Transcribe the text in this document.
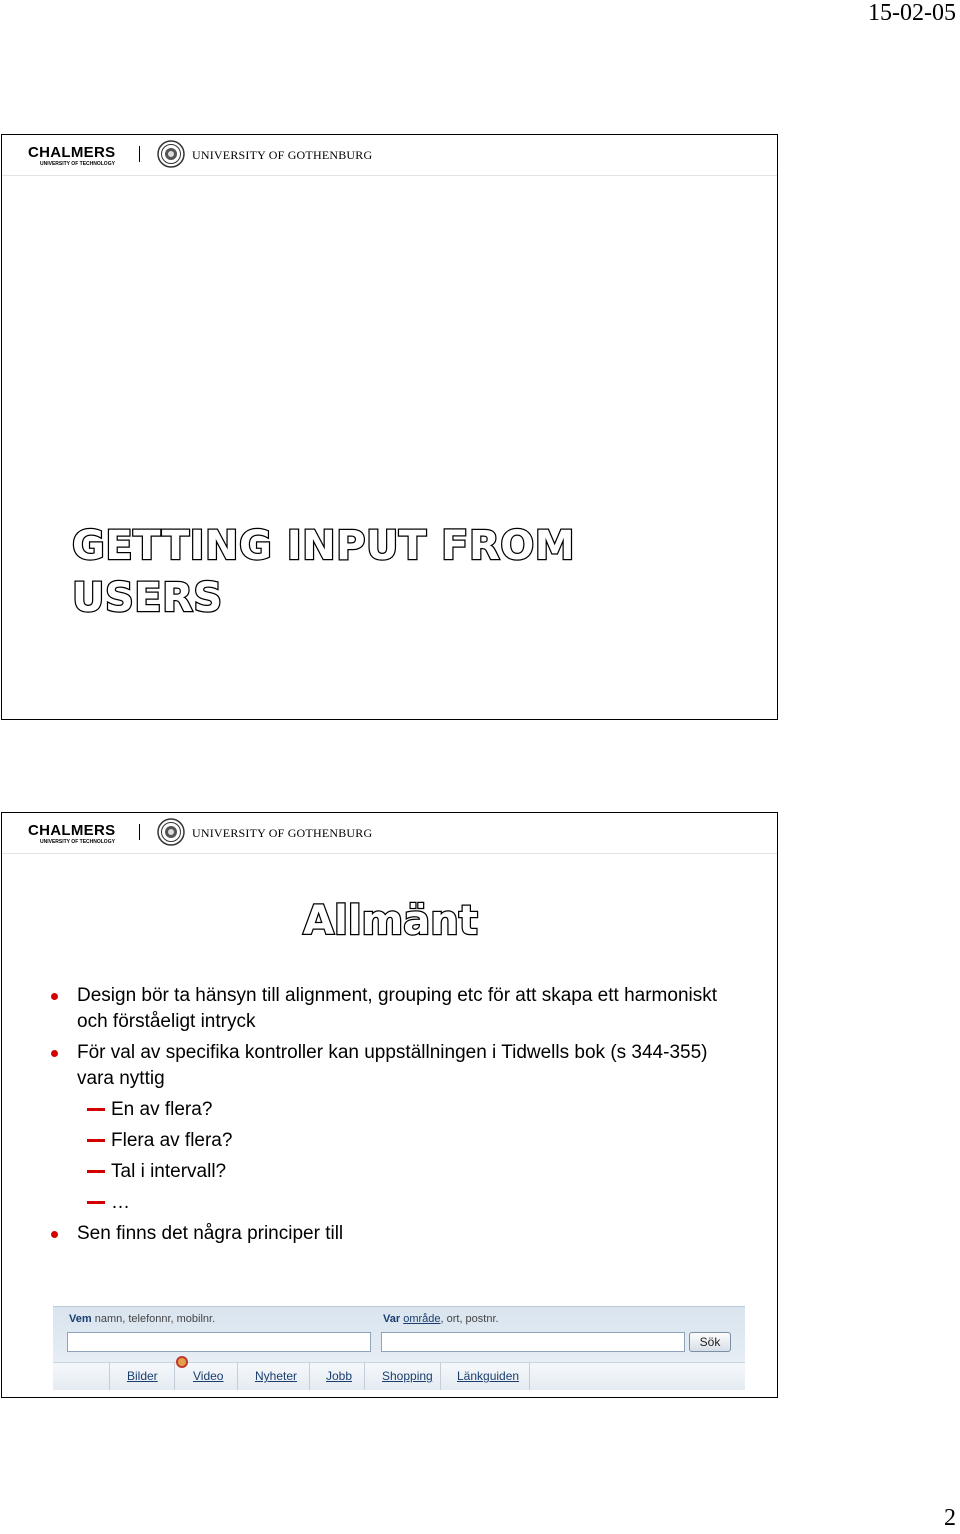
15-02-05
CHALMERS
UNIVERSITY OF TECHNOLOGY
UNIVERSITY OF GOTHENBURG
GETTING INPUT FROM
USERS
CHALMERS
UNIVERSITY OF TECHNOLOGY
UNIVERSITY OF GOTHENBURG
Allmänt
Design bör ta hänsyn till alignment, grouping etc för att skapa ett harmoniskt och förståeligt intryck
För val av specifika kontroller kan uppställningen i Tidwells bok (s 344-355) vara nyttig
En av flera?
Flera av flera?
Tal i intervall?
…
Sen finns det några principer till
Vem namn, telefonnr, mobilnr.	Var område, ort, postnr.
Sök
Bilder	Video	Nyheter Jobb Shopping Länkguiden
2
